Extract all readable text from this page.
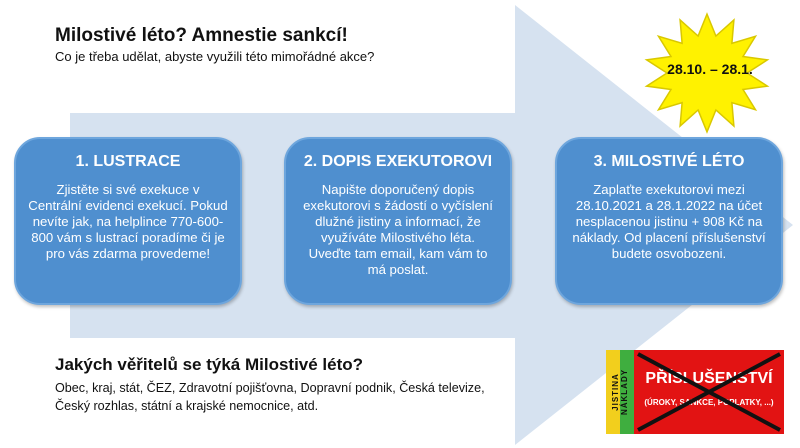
Milostivé léto? Amnestie sankcí!
Co je třeba udělat, abyste využili této mimořádné akce?
1. LUSTRACE
Zjistěte si své exekuce v Centrální evidenci exekucí. Pokud nevíte jak, na helplince 770-600-800 vám s lustrací poradíme či je pro vás zdarma provedeme!
2. DOPIS EXEKUTOROVI
Napište doporučený dopis exekutorovi s žádostí o vyčíslení dlužné jistiny a informací, že využíváte Milostivého léta. Uveďte tam email, kam vám to má poslat.
3. MILOSTIVÉ LÉTO
Zaplaťte exekutorovi mezi 28.10.2021 a 28.1.2022 na účet nesplacenou jistinu + 908 Kč na náklady. Od placení příslušenství budete osvobozeni.
28.10. – 28.1.
Jakých věřitelů se týká Milostivé léto?
Obec, kraj, stát, ČEZ, Zdravotní pojišťovna, Dopravní podnik, Česká televize, Český rozhlas, státní a krajské nemocnice, atd.	JISTINA NÁKLADY	PŘÍSLUŠENSTVÍ
(ÚROKY, SANKCE, POPLATKY, ...)
